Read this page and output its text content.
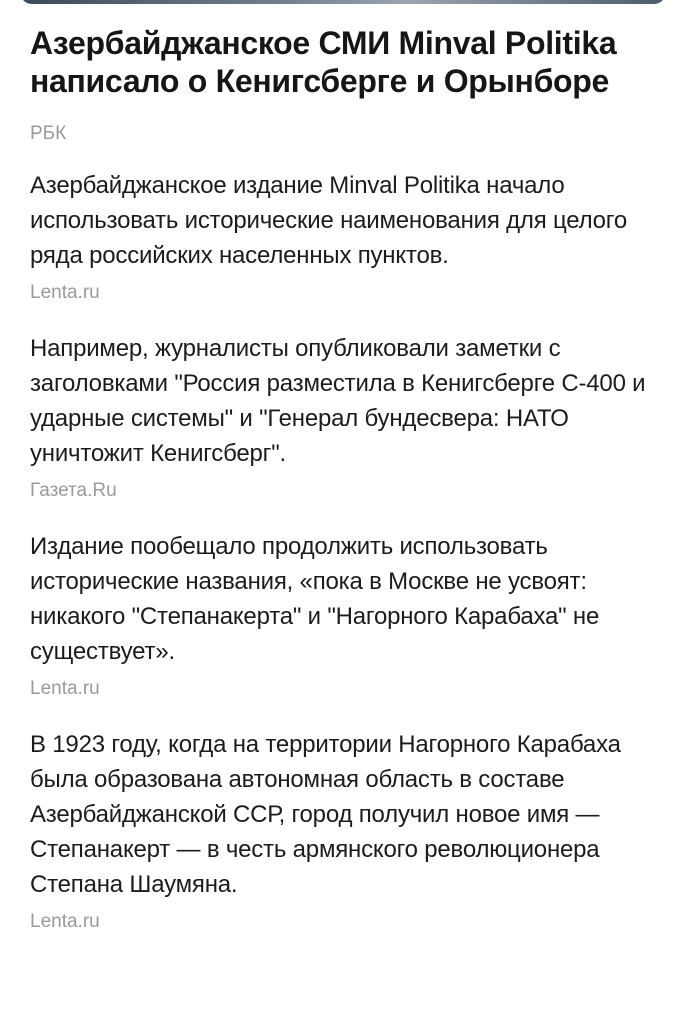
Азербайджанское СМИ Minval Politika написало о Кенигсберге и Орынборе
РБК
Азербайджанское издание Minval Politika начало использовать исторические наименования для целого ряда российских населенных пунктов.
Lenta.ru
Например, журналисты опубликовали заметки с заголовками "Россия разместила в Кенигсберге С-400 и ударные системы" и "Генерал бундесвера: НАТО уничтожит Кенигсберг".
Газета.Ru
Издание пообещало продолжить использовать исторические названия, «пока в Москве не усвоят: никакого "Степанакерта" и "Нагорного Карабаха" не существует».
Lenta.ru
В 1923 году, когда на территории Нагорного Карабаха была образована автономная область в составе Азербайджанской ССР, город получил новое имя — Степанакерт — в честь армянского революционера Степана Шаумяна.
Lenta.ru
